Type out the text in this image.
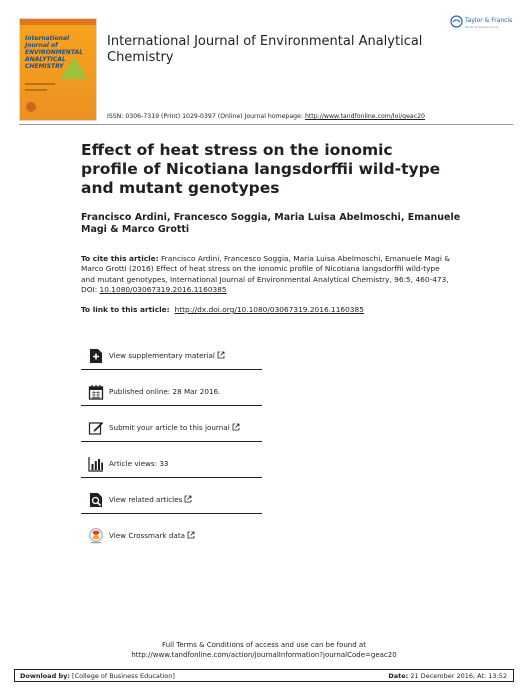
International Journal of ENVIRONMENTAL ANALYTICAL CHEMISTRY
International Journal of Environmental Analytical Chemistry
Taylor & Francis
Taylor & Francis Group
ISSN: 0306-7319 (Print) 1029-0397 (Online) Journal homepage: http://www.tandfonline.com/loi/geac20
Effect of heat stress on the ionomic profile of Nicotiana langsdorffii wild-type and mutant genotypes
Francisco Ardini, Francesco Soggia, Maria Luisa Abelmoschi, Emanuele Magi & Marco Grotti
To cite this article: Francisco Ardini, Francesco Soggia, Maria Luisa Abelmoschi, Emanuele Magi & Marco Grotti (2016) Effect of heat stress on the ionomic profile of Nicotiana langsdorffii wild-type and mutant genotypes, International Journal of Environmental Analytical Chemistry, 96:5, 460-473, DOI: 10.1080/03067319.2016.1160385
To link to this article:  http://dx.doi.org/10.1080/03067319.2016.1160385
View supplementary material
Published online: 28 Mar 2016.
Submit your article to this journal
Article views: 33
View related articles
View Crossmark data
Full Terms & Conditions of access and use can be found at
http://www.tandfonline.com/action/journalInformation?journalCode=geac20
Download by: [College of Business Education]	Date: 21 December 2016, At: 13:52
